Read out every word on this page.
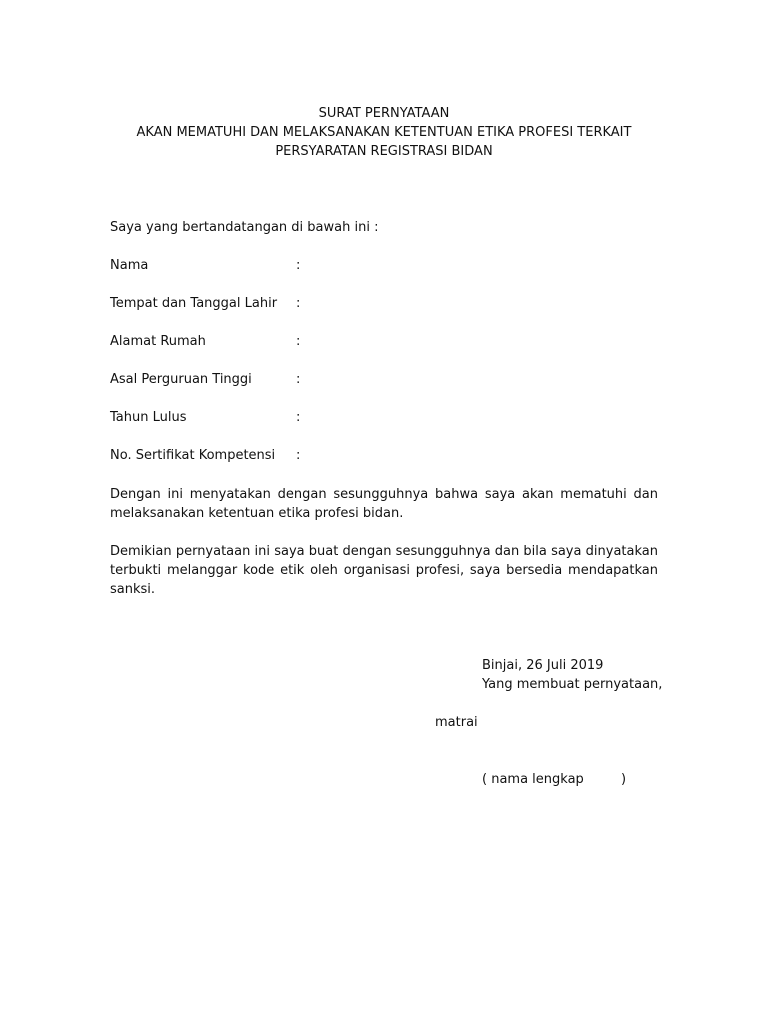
SURAT PERNYATAAN
AKAN MEMATUHI DAN MELAKSANAKAN KETENTUAN ETIKA PROFESI TERKAIT
PERSYARATAN REGISTRASI BIDAN
Saya yang bertandatangan di bawah ini :
Nama	:
Tempat dan Tanggal Lahir :
Alamat Rumah	:
Asal Perguruan Tinggi	:
Tahun Lulus	:
No. Sertifikat Kompetensi :
Dengan ini menyatakan dengan sesungguhnya bahwa saya akan mematuhi dan melaksanakan ketentuan etika profesi bidan.
Demikian pernyataan ini saya buat dengan sesungguhnya dan bila saya dinyatakan terbukti melanggar kode etik oleh organisasi profesi, saya bersedia mendapatkan sanksi.
Binjai, 26 Juli 2019
Yang membuat pernyataan,
matrai
( nama lengkap	)
